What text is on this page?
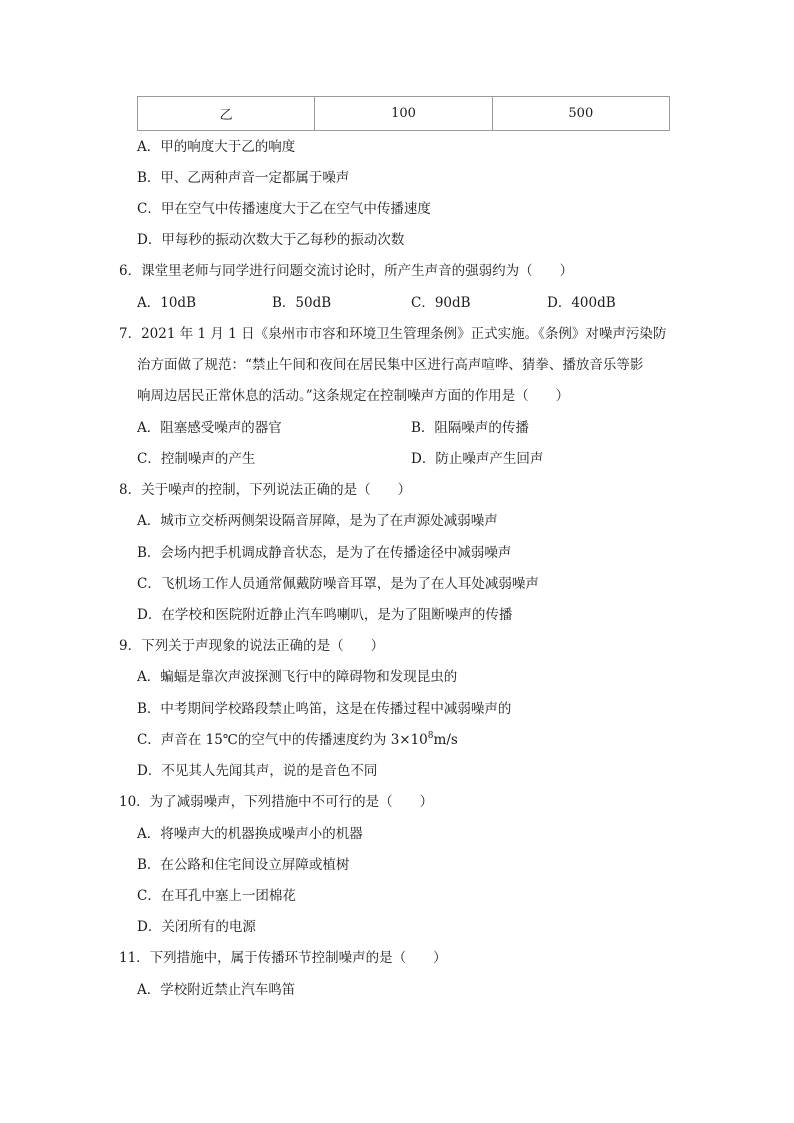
乙	100	500
A．甲的响度大于乙的响度
B．甲、乙两种声音一定都属于噪声
C．甲在空气中传播速度大于乙在空气中传播速度
D．甲每秒的振动次数大于乙每秒的振动次数
6．课堂里老师与同学进行问题交流讨论时，所产生声音的强弱约为（　　）
A．10dB	B．50dB	C．90dB	D．400dB
7．2021 年 1 月 1 日《泉州市市容和环境卫生管理条例》正式实施。《条例》对噪声污染防
治方面做了规范：“禁止午间和夜间在居民集中区进行高声喧哗、猜拳、播放音乐等影
响周边居民正常休息的活动。”这条规定在控制噪声方面的作用是（　　）
A．阻塞感受噪声的器官	B．阻隔噪声的传播
C．控制噪声的产生	D．防止噪声产生回声
8．关于噪声的控制，下列说法正确的是（　　）
A．城市立交桥两侧架设隔音屏障，是为了在声源处减弱噪声
B．会场内把手机调成静音状态，是为了在传播途径中减弱噪声
C．飞机场工作人员通常佩戴防噪音耳罩，是为了在人耳处减弱噪声
D．在学校和医院附近静止汽车鸣喇叭，是为了阻断噪声的传播
9．下列关于声现象的说法正确的是（　　）
A．蝙蝠是靠次声波探测飞行中的障碍物和发现昆虫的
B．中考期间学校路段禁止鸣笛，这是在传播过程中减弱噪声的
C．声音在 15℃的空气中的传播速度约为 $3\times 10^8m/s$
D．不见其人先闻其声，说的是音色不同
10．为了减弱噪声，下列措施中不可行的是（　　）
A．将噪声大的机器换成噪声小的机器
B．在公路和住宅间设立屏障或植树
C．在耳孔中塞上一团棉花
D．关闭所有的电源
11．下列措施中，属于传播环节控制噪声的是（　　）
A．学校附近禁止汽车鸣笛
